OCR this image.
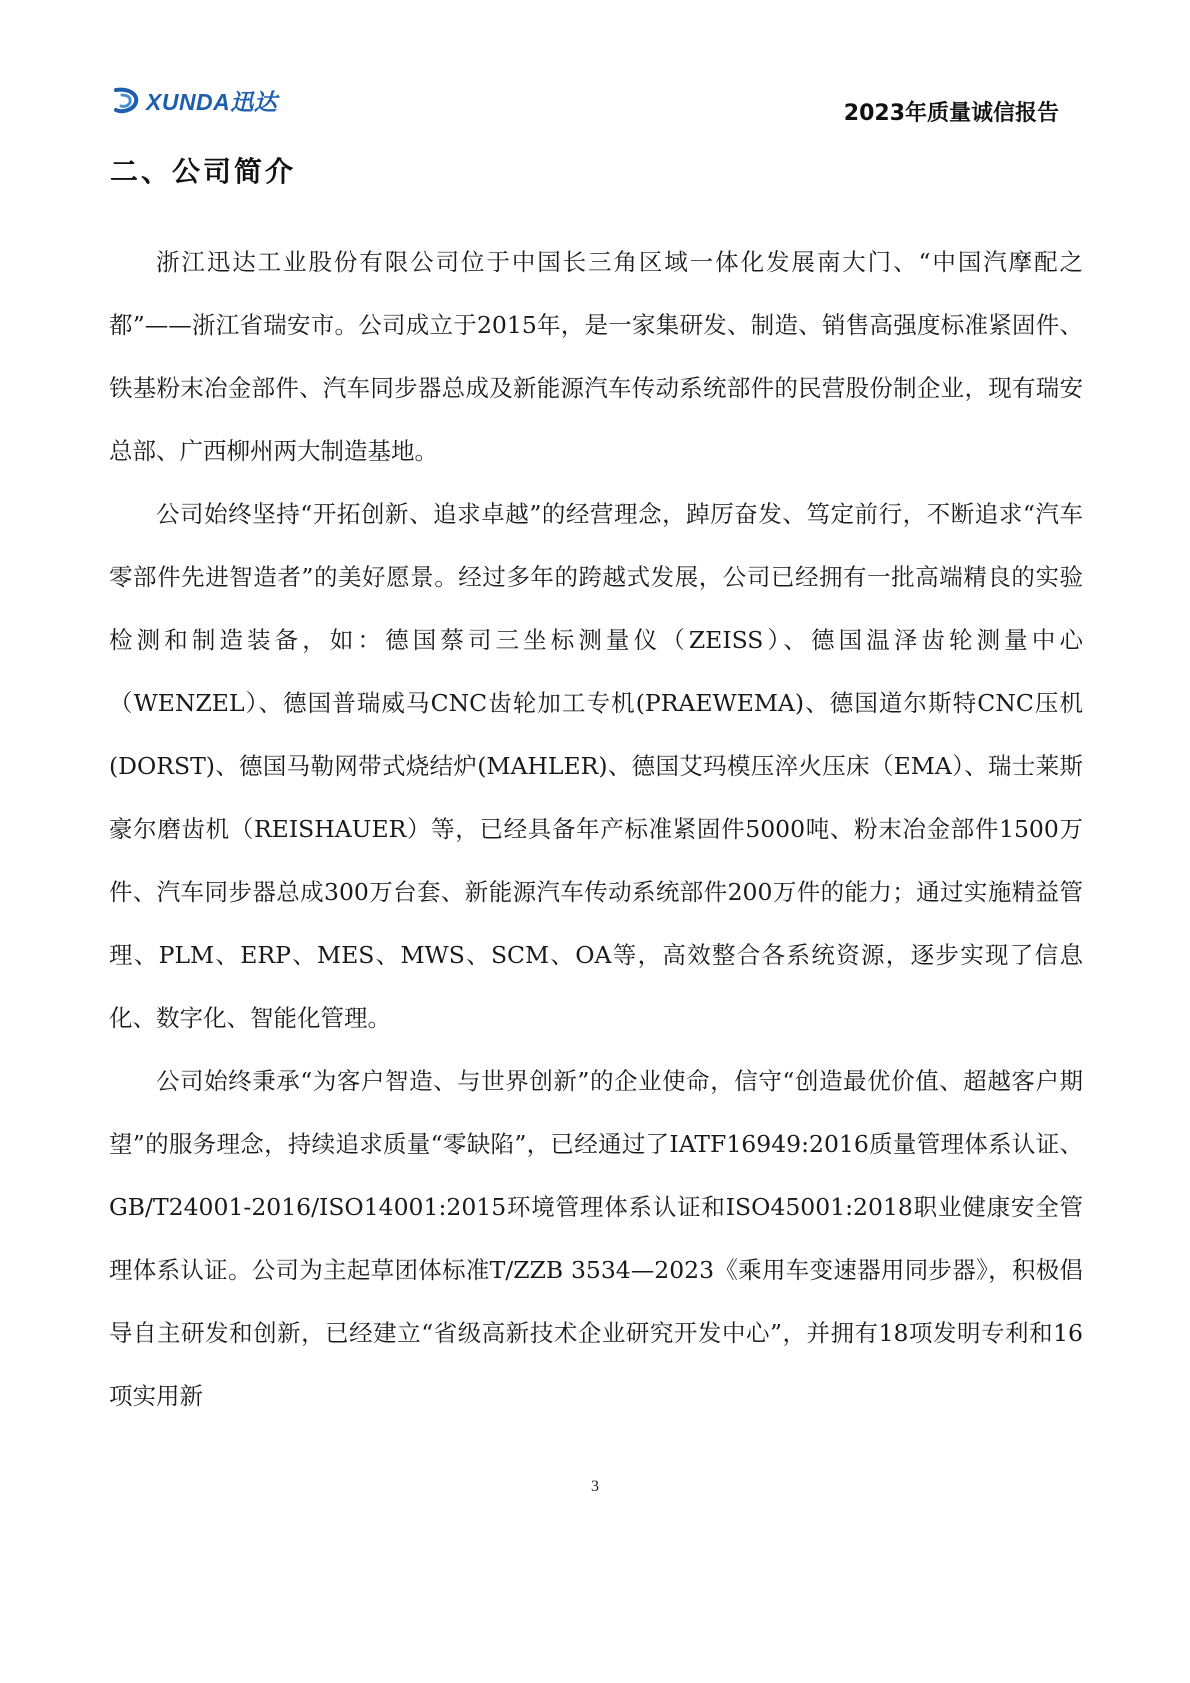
XUNDA迅达	2023年质量诚信报告
二、公司简介

浙江迅达工业股份有限公司位于中国长三角区域一体化发展南大门、“中国汽摩配之都”——浙江省瑞安市。公司成立于2015年，是一家集研发、制造、销售高强度标准紧固件、铁基粉末冶金部件、汽车同步器总成及新能源汽车传动系统部件的民营股份制企业，现有瑞安总部、广西柳州两大制造基地。

公司始终坚持“开拓创新、追求卓越”的经营理念，踔厉奋发、笃定前行，不断追求“汽车零部件先进智造者”的美好愿景。经过多年的跨越式发展，公司已经拥有一批高端精良的实验检测和制造装备，如：德国蔡司三坐标测量仪（ZEISS）、德国温泽齿轮测量中心（WENZEL）、德国普瑞威马CNC齿轮加工专机(PRAEWEMA)、德国道尔斯特CNC压机(DORST)、德国马勒网带式烧结炉(MAHLER)、德国艾玛模压淬火压床（EMA）、瑞士莱斯豪尔磨齿机（REISHAUER）等，已经具备年产标准紧固件5000吨、粉末冶金部件1500万件、汽车同步器总成300万台套、新能源汽车传动系统部件200万件的能力；通过实施精益管理、PLM、ERP、MES、MWS、SCM、OA等，高效整合各系统资源，逐步实现了信息化、数字化、智能化管理。

公司始终秉承“为客户智造、与世界创新”的企业使命，信守“创造最优价值、超越客户期望”的服务理念，持续追求质量“零缺陷”，已经通过了IATF16949:2016质量管理体系认证、GB/T24001-2016/ISO14001:2015环境管理体系认证和ISO45001:2018职业健康安全管理体系认证。公司为主起草团体标准T/ZZB 3534—2023《乘用车变速器用同步器》，积极倡导自主研发和创新，已经建立“省级高新技术企业研究开发中心”，并拥有18项发明专利和16项实用新

3
